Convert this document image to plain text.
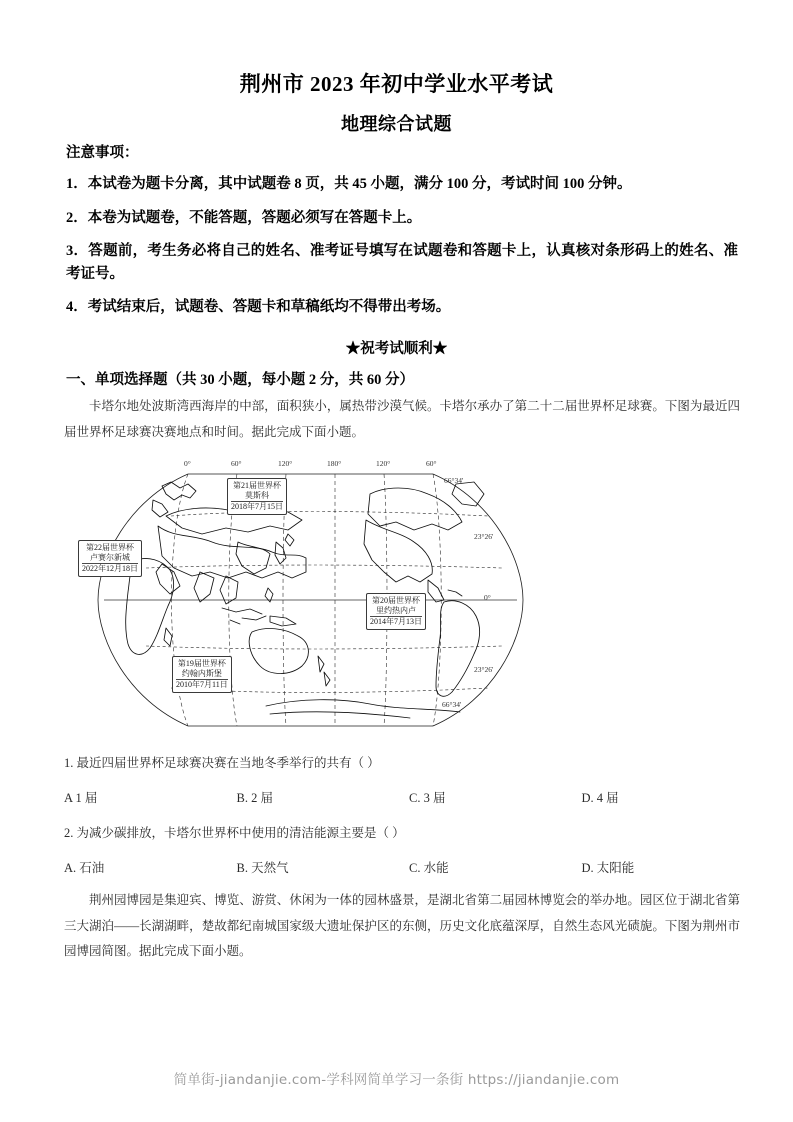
荆州市 2023 年初中学业水平考试
地理综合试题

注意事项：

1．本试卷为题卡分离，其中试题卷 8 页，共 45 小题，满分 100 分，考试时间 100 分钟。

2．本卷为试题卷，不能答题，答题必须写在答题卡上。

3．答题前，考生务必将自己的姓名、准考证号填写在试题卷和答题卡上，认真核对条形码上的姓名、准考证号。

4．考试结束后，试题卷、答题卡和草稿纸均不得带出考场。

★祝考试顺利★
一、单项选择题（共 30 小题，每小题 2 分，共 60 分）
卡塔尔地处波斯湾西海岸的中部，面积狭小，属热带沙漠气候。卡塔尔承办了第二十二届世界杯足球赛。下图为最近四届世界杯足球赛决赛地点和时间。据此完成下面小题。
0°	60°	120°	180°	120°	60°
66°34'
23°26'
0°
23°26'
66°34'
第21届世界杯
莫斯科
2018年7月15日
第22届世界杯
卢赛尔新城
2022年12月18日
第20届世界杯
里约热内卢
2014年7月13日
第19届世界杯
约翰内斯堡
2010年7月11日
1. 最近四届世界杯足球赛决赛在当地冬季举行的共有（ ）
A 1 届	B. 2 届	C. 3 届	D. 4 届
2. 为减少碳排放，卡塔尔世界杯中使用的清洁能源主要是（ ）
A. 石油	B. 天然气	C. 水能	D. 太阳能
荆州园博园是集迎宾、博览、游赏、休闲为一体的园林盛景，是湖北省第二届园林博览会的举办地。园区位于湖北省第三大湖泊——长湖湖畔，楚故都纪南城国家级大遗址保护区的东侧，历史文化底蕴深厚，自然生态风光碛旎。下图为荆州市园博园简图。据此完成下面小题。
简单街-jiandanjie.com-学科网简单学习一条街 https://jiandanjie.com
